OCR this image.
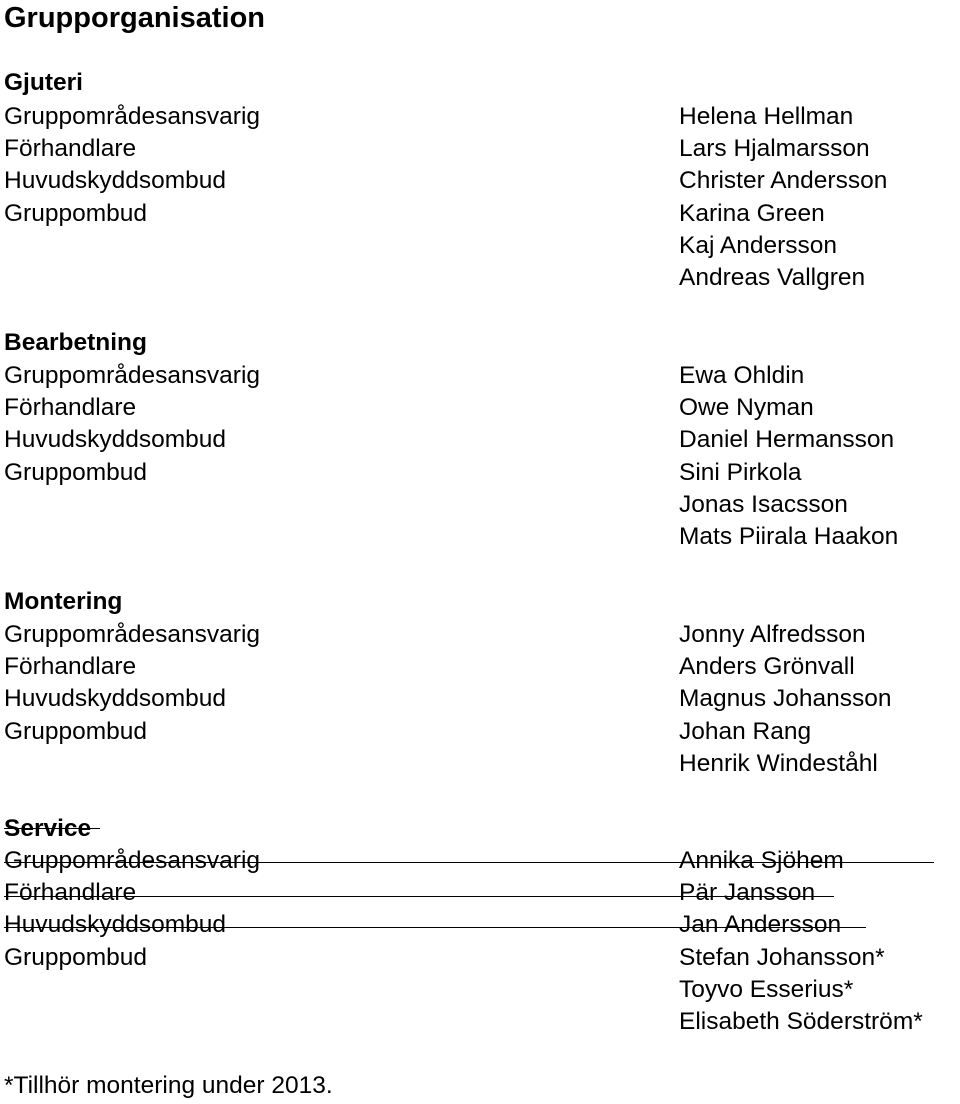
Grupporganisation
Gjuteri
Gruppområdesansvarig
Förhandlare
Huvudskyddsombud
Gruppombud
Helena Hellman
Lars Hjalmarsson
Christer Andersson
Karina Green
Kaj Andersson
Andreas Vallgren
Bearbetning
Gruppområdesansvarig
Förhandlare
Huvudskyddsombud
Gruppombud
Ewa Ohldin
Owe Nyman
Daniel Hermansson
Sini Pirkola
Jonas Isacsson
Mats Piirala Haakon
Montering
Gruppområdesansvarig
Förhandlare
Huvudskyddsombud
Gruppombud
Jonny Alfredsson
Anders Grönvall
Magnus Johansson
Johan Rang
Henrik Windeståhl
Service
Gruppområdesansvarig
Förhandlare
Huvudskyddsombud
Gruppombud
Annika Sjöhem
Pär Jansson
Jan Andersson
Stefan Johansson*
Toyvo Esserius*
Elisabeth Söderström*
*Tillhör montering under 2013.
